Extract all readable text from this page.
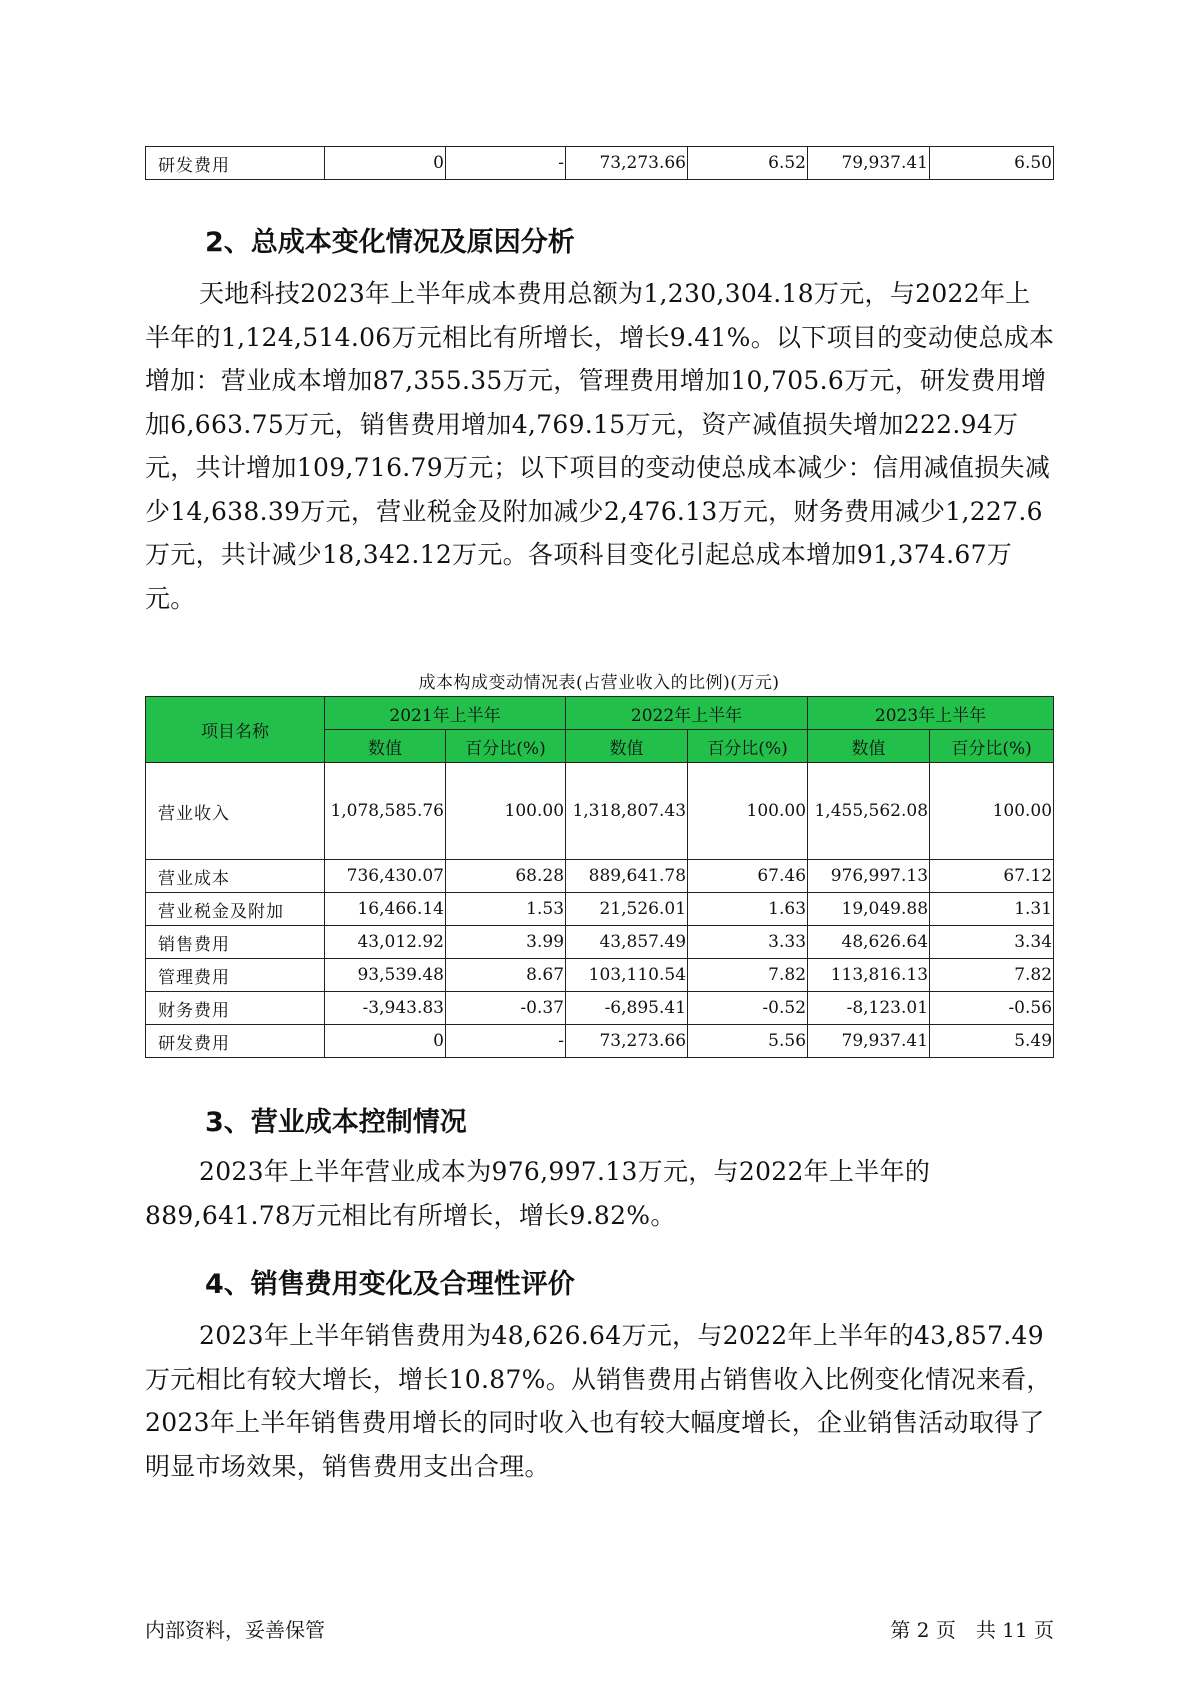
研发费用	0	-	73,273.66	6.52	79,937.41	6.50
2、总成本变化情况及原因分析

天地科技2023年上半年成本费用总额为1,230,304.18万元，与2022年上半年的1,124,514.06万元相比有所增长，增长9.41%。以下项目的变动使总成本增加：营业成本增加87,355.35万元，管理费用增加10,705.6万元，研发费用增加6,663.75万元，销售费用增加4,769.15万元，资产减值损失增加222.94万元，共计增加109,716.79万元；以下项目的变动使总成本减少：信用减值损失减少14,638.39万元，营业税金及附加减少2,476.13万元，财务费用减少1,227.6万元，共计减少18,342.12万元。各项科目变化引起总成本增加91,374.67万元。

成本构成变动情况表(占营业收入的比例)(万元)
项目名称	2021年上半年		2022年上半年		2023年上半年	
	数值	百分比(%)	数值	百分比(%)	数值	百分比(%)
营业收入	1,078,585.76	100.00	1,318,807.43	100.00	1,455,562.08	100.00
营业成本	736,430.07	68.28	889,641.78	67.46	976,997.13	67.12
营业税金及附加	16,466.14	1.53	21,526.01	1.63	19,049.88	1.31
销售费用	43,012.92	3.99	43,857.49	3.33	48,626.64	3.34
管理费用	93,539.48	8.67	103,110.54	7.82	113,816.13	7.82
财务费用	-3,943.83	-0.37	-6,895.41	-0.52	-8,123.01	-0.56
研发费用	0	-	73,273.66	5.56	79,937.41	5.49
3、营业成本控制情况

2023年上半年营业成本为976,997.13万元，与2022年上半年的889,641.78万元相比有所增长，增长9.82%。

4、销售费用变化及合理性评价

2023年上半年销售费用为48,626.64万元，与2022年上半年的43,857.49万元相比有较大增长，增长10.87%。从销售费用占销售收入比例变化情况来看，2023年上半年销售费用增长的同时收入也有较大幅度增长，企业销售活动取得了明显市场效果，销售费用支出合理。

内部资料，妥善保管	第 2 页　共 11 页
